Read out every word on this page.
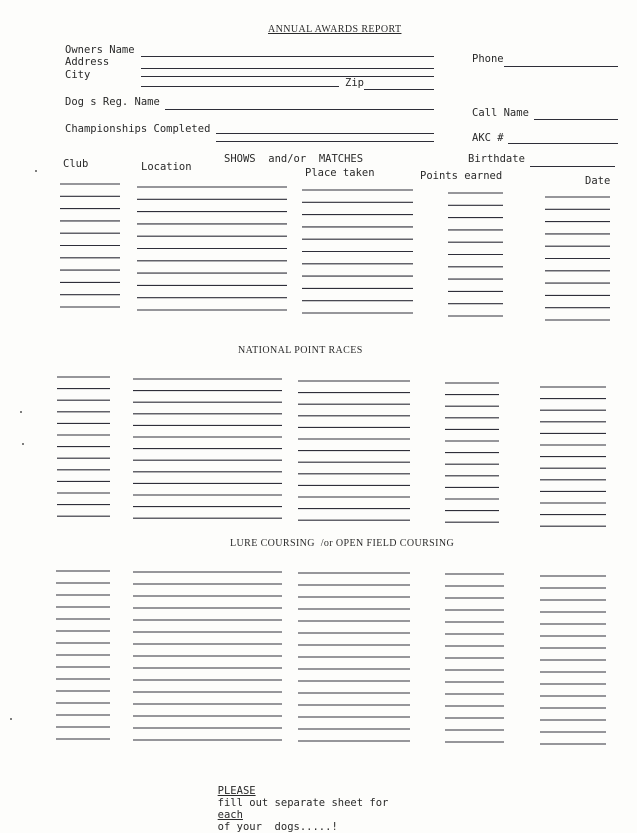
ANNUAL AWARDS REPORT
Owners Name
Address
City
Zip
Dog s Reg. Name
Championships Completed
Phone
Call Name
AKC #
Birthdate
SHOWS  and/or  MATCHES
Club	Location	Place taken	Points earned	Date
NATIONAL POINT RACES
LURE COURSING  /or OPEN FIELD COURSING

PLEASE
fill out separate sheet for
each
of your  dogs.....!
